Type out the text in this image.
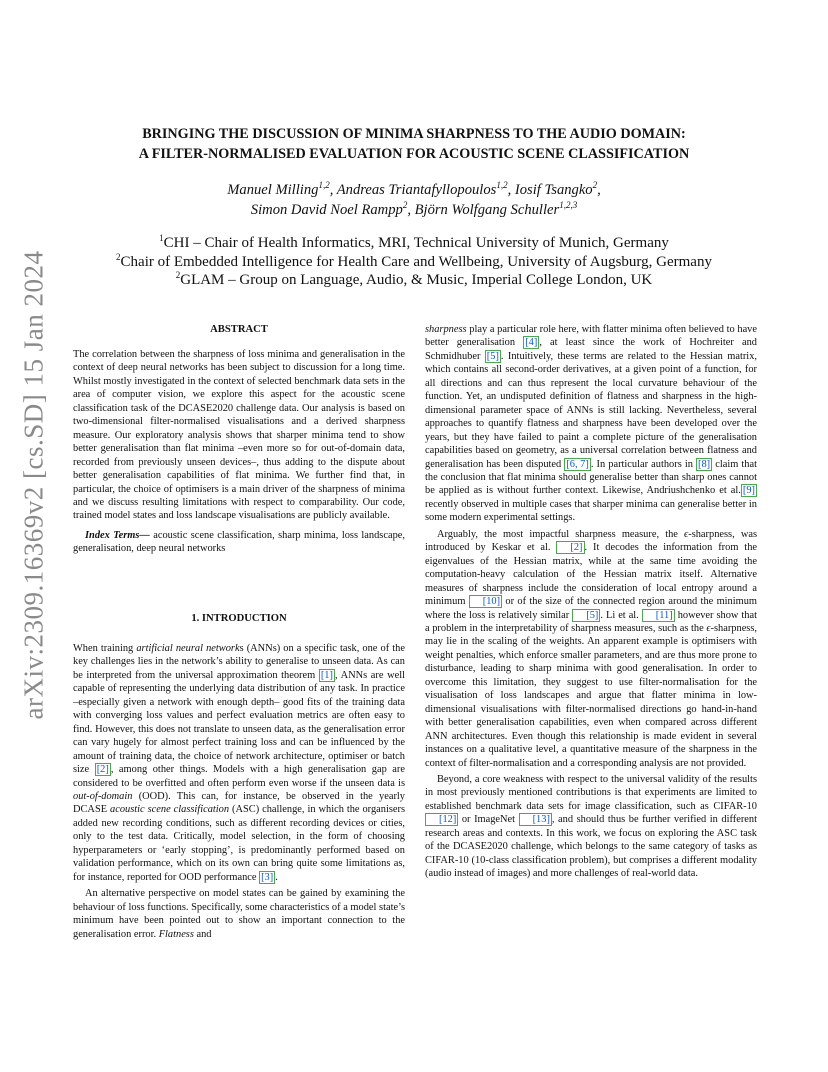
arXiv:2309.16369v2 [cs.SD] 15 Jan 2024
BRINGING THE DISCUSSION OF MINIMA SHARPNESS TO THE AUDIO DOMAIN:
A FILTER-NORMALISED EVALUATION FOR ACOUSTIC SCENE CLASSIFICATION
Manuel Milling$^{1,2}$, Andreas Triantafyllopoulos$^{1,2}$, Iosif Tsangko$^2$,
Simon David Noel Rampp$^2$, Björn Wolfgang Schuller$^{1,2,3}$
$^1$CHI – Chair of Health Informatics, MRI, Technical University of Munich, Germany
$^2$Chair of Embedded Intelligence for Health Care and Wellbeing, University of Augsburg, Germany
$^2$GLAM – Group on Language, Audio, & Music, Imperial College London, UK
ABSTRACT

The correlation between the sharpness of loss minima and generalisation in the context of deep neural networks has been subject to discussion for a long time. Whilst mostly investigated in the context of selected benchmark data sets in the area of computer vision, we explore this aspect for the acoustic scene classification task of the DCASE2020 challenge data. Our analysis is based on two-dimensional filter-normalised visualisations and a derived sharpness measure. Our exploratory analysis shows that sharper minima tend to show better generalisation than flat minima –even more so for out-of-domain data, recorded from previously unseen devices–, thus adding to the dispute about better generalisation capabilities of flat minima. We further find that, in particular, the choice of optimisers is a main driver of the sharpness of minima and we discuss resulting limitations with respect to comparability. Our code, trained model states and loss landscape visualisations are publicly available.

Index Terms— acoustic scene classification, sharp minima, loss landscape, generalisation, deep neural networks

1. INTRODUCTION

When training artificial neural networks (ANNs) on a specific task, one of the key challenges lies in the network’s ability to generalise to unseen data. As can be interpreted from the universal approximation theorem [1] , ANNs are well capable of representing the underlying data distribution of any task. In practice –especially given a network with enough depth– good fits of the training data with converging loss values and perfect evaluation metrics are often easy to find. However, this does not translate to unseen data, as the generalisation error can vary hugely for almost perfect training loss and can be influenced by the amount of training data, the choice of network architecture, optimiser or batch size [2] , among other things. Models with a high generalisation gap are considered to be overfitted and often perform even worse if the unseen data is out-of-domain (OOD). This can, for instance, be observed in the yearly DCASE acoustic scene classification (ASC) challenge, in which the organisers added new recording conditions, such as different recording devices or cities, only to the test data. Critically, model selection, in the form of choosing hyperparameters or ‘early stopping’, is predominantly performed based on validation performance, which on its own can bring quite some limitations as, for instance, reported for OOD performance [3] .

An alternative perspective on model states can be gained by examining the behaviour of loss functions. Specifically, some characteristics of a model state’s minimum have been pointed out to show an important connection to the generalisation error. Flatness and

sharpness play a particular role here, with flatter minima often believed to have better generalisation [4] , at least since the work of Hochreiter and Schmidhuber [5] . Intuitively, these terms are related to the Hessian matrix, which contains all second-order derivatives, at a given point of a function, for all directions and can thus represent the local curvature behaviour of the function. Yet, an undisputed definition of flatness and sharpness in the high-dimensional parameter space of ANNs is still lacking. Nevertheless, several approaches to quantify flatness and sharpness have been developed over the years, but they have failed to paint a complete picture of the generalisation capabilities based on geometry, as a universal correlation between flatness and generalisation has been disputed [6, 7] . In particular authors in [8] claim that the conclusion that flat minima should generalise better than sharp ones cannot be applied as is without further context. Likewise, Andriushchenko et al. [9] recently observed in multiple cases that sharper minima can generalise better in some modern experimental settings.

Arguably, the most impactful sharpness measure, the ϵ-sharpness, was introduced by Keskar et al. [2] . It decodes the information from the eigenvalues of the Hessian matrix, while at the same time avoiding the computation-heavy calculation of the Hessian matrix itself. Alternative measures of sharpness include the consideration of local entropy around a minimum [10] or of the size of the connected region around the minimum where the loss is relatively similar [5] . Li et al. [11] however show that a problem in the interpretability of sharpness measures, such as the ϵ-sharpness, may lie in the scaling of the weights. An apparent example is optimisers with weight penalties, which enforce smaller parameters, and are thus more prone to disturbance, leading to sharp minima with good generalisation. In order to overcome this limitation, they suggest to use filter-normalisation for the visualisation of loss landscapes and argue that flatter minima in low-dimensional visualisations with filter-normalised directions go hand-in-hand with better generalisation capabilities, even when compared across different ANN architectures. Even though this relationship is made evident in several instances on a qualitative level, a quantitative measure of the sharpness in the context of filter-normalisation and a corresponding analysis are not provided.

Beyond, a core weakness with respect to the universal validity of the results in most previously mentioned contributions is that experiments are limited to established benchmark data sets for image classification, such as CIFAR-10 [12] or ImageNet [13] , and should thus be further verified in different research areas and contexts. In this work, we focus on exploring the ASC task of the DCASE2020 challenge, which belongs to the same category of tasks as CIFAR-10 (10-class classification problem), but comprises a different modality (audio instead of images) and more challenges of real-world data.
